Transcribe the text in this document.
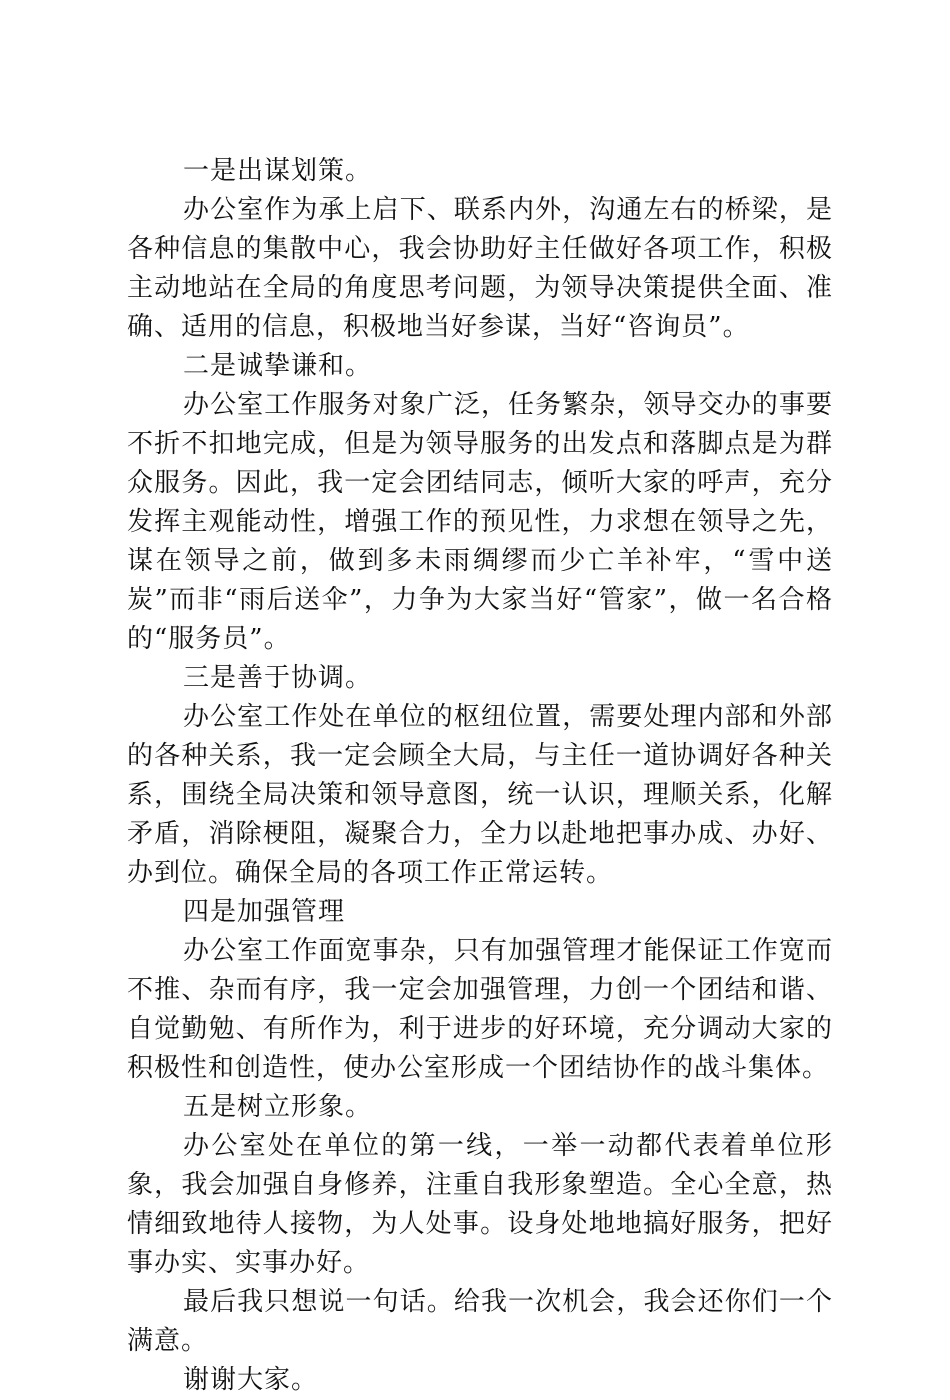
一是出谋划策。

办公室作为承上启下、联系内外，沟通左右的桥梁，是各种信息的集散中心，我会协助好主任做好各项工作，积极主动地站在全局的角度思考问题，为领导决策提供全面、准确、适用的信息，积极地当好参谋，当好“咨询员”。

二是诚挚谦和。

办公室工作服务对象广泛，任务繁杂，领导交办的事要不折不扣地完成，但是为领导服务的出发点和落脚点是为群众服务。因此，我一定会团结同志，倾听大家的呼声，充分发挥主观能动性，增强工作的预见性，力求想在领导之先，谋在领导之前，做到多未雨绸缪而少亡羊补牢，“雪中送炭”而非“雨后送伞”，力争为大家当好“管家”，做一名合格的“服务员”。

三是善于协调。

办公室工作处在单位的枢纽位置，需要处理内部和外部的各种关系，我一定会顾全大局，与主任一道协调好各种关系，围绕全局决策和领导意图，统一认识，理顺关系，化解矛盾，消除梗阻，凝聚合力，全力以赴地把事办成、办好、办到位。确保全局的各项工作正常运转。

四是加强管理

办公室工作面宽事杂，只有加强管理才能保证工作宽而不推、杂而有序，我一定会加强管理，力创一个团结和谐、自觉勤勉、有所作为，利于进步的好环境，充分调动大家的积极性和创造性，使办公室形成一个团结协作的战斗集体。

五是树立形象。

办公室处在单位的第一线，一举一动都代表着单位形象，我会加强自身修养，注重自我形象塑造。全心全意，热情细致地待人接物，为人处事。设身处地地搞好服务，把好事办实、实事办好。

最后我只想说一句话。给我一次机会，我会还你们一个满意。

谢谢大家。
